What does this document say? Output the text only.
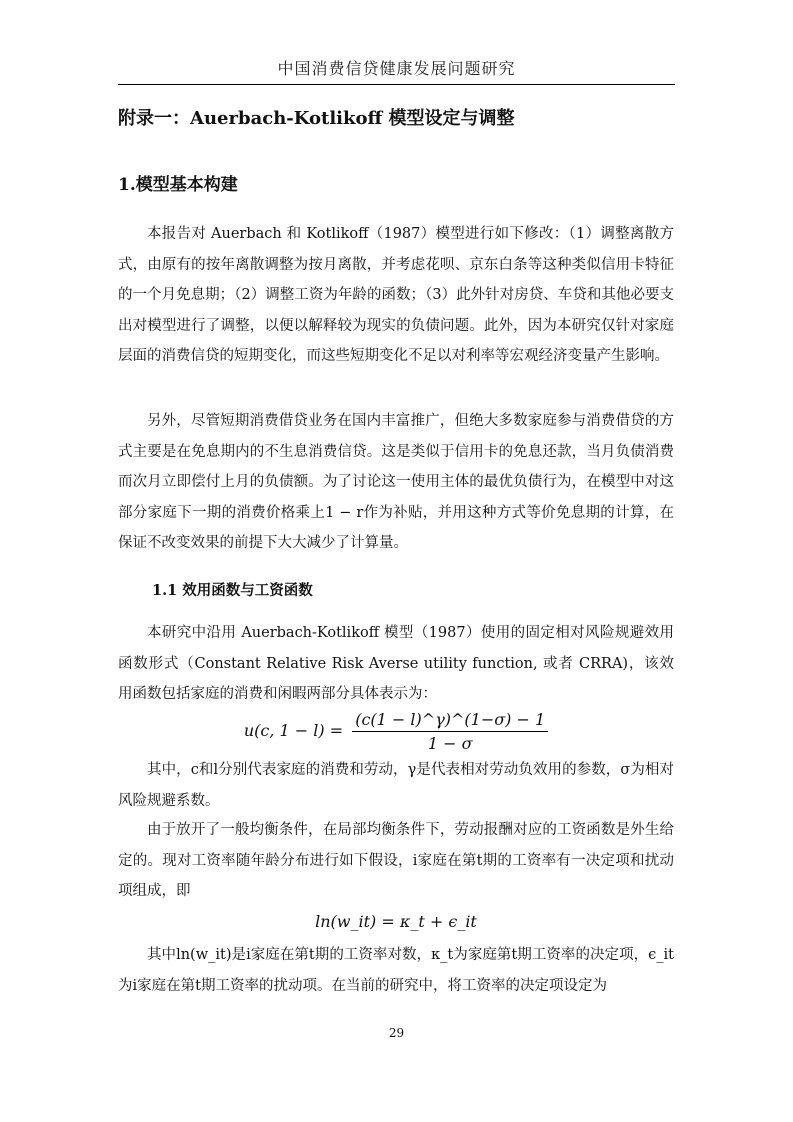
中国消费信贷健康发展问题研究
附录一：Auerbach-Kotlikoff 模型设定与调整
1.模型基本构建

本报告对 Auerbach 和 Kotlikoff（1987）模型进行如下修改：（1）调整离散方式，由原有的按年离散调整为按月离散，并考虑花呗、京东白条等这种类似信用卡特征的一个月免息期；（2）调整工资为年龄的函数；（3）此外针对房贷、车贷和其他必要支出对模型进行了调整，以便以解释较为现实的负债问题。此外，因为本研究仅针对家庭层面的消费信贷的短期变化，而这些短期变化不足以对利率等宏观经济变量产生影响。

另外，尽管短期消费借贷业务在国内丰富推广，但绝大多数家庭参与消费借贷的方式主要是在免息期内的不生息消费信贷。这是类似于信用卡的免息还款，当月负债消费而次月立即偿付上月的负债额。为了讨论这一使用主体的最优负债行为，在模型中对这部分家庭下一期的消费价格乘上1 − r作为补贴，并用这种方式等价免息期的计算，在保证不改变效果的前提下大大减少了计算量。

1.1 效用函数与工资函数

本研究中沿用 Auerbach-Kotlikoff 模型（1987）使用的固定相对风险规避效用函数形式（Constant Relative Risk Averse utility function, 或者 CRRA)，该效用函数包括家庭的消费和闲暇两部分具体表示为：

u(c, $1 - l) = \frac{(c(1 - l)\^{}\gamma)\^{}(1-\sigma) - 1}{1 - \sigma}$

其中，c和l分别代表家庭的消费和劳动，γ是代表相对劳动负效用的参数，σ为相对风险规避系数。

由于放开了一般均衡条件，在局部均衡条件下，劳动报酬对应的工资函数是外生给定的。现对工资率随年龄分布进行如下假设，i家庭在第t期的工资率有一决定项和扰动项组成，即

ln(w_it) = κ_t + ϵ_it

其中ln(w_it)是i家庭在第t期的工资率对数，κ_t为家庭第t期工资率的决定项，ϵ_it为i家庭在第t期工资率的扰动项。在当前的研究中，将工资率的决定项设定为

29
